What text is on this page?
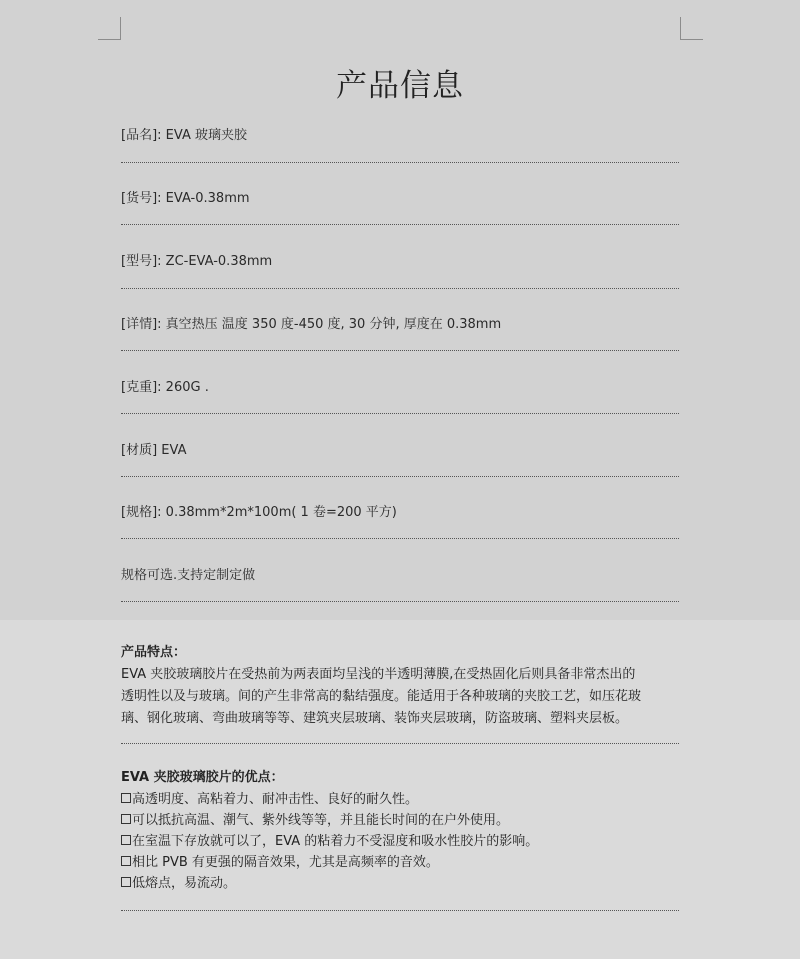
产品信息
[品名]: EVA 玻璃夹胶
[货号]: EVA-0.38mm
[型号]: ZC-EVA-0.38mm
[详情]: 真空热压 温度 350 度-450 度, 30 分钟, 厚度在 0.38mm
[克重]: 260G .
[材质] EVA
[规格]: 0.38mm*2m*100m( 1 卷=200 平方)
规格可选.支持定制定做
产品特点：
EVA 夹胶玻璃胶片在受热前为两表面均呈浅的半透明薄膜,在受热固化后则具备非常杰出的
透明性以及与玻璃。间的产生非常高的黏结强度。能适用于各种玻璃的夹胶工艺，如压花玻
璃、钢化玻璃、弯曲玻璃等等、建筑夹层玻璃、装饰夹层玻璃，防盗玻璃、塑料夹层板。
EVA 夹胶玻璃胶片的优点：
高透明度、高粘着力、耐冲击性、良好的耐久性。
可以抵抗高温、潮气、紫外线等等，并且能长时间的在户外使用。
在室温下存放就可以了，EVA 的粘着力不受湿度和吸水性胶片的影响。
相比 PVB 有更强的隔音效果，尤其是高频率的音效。
低熔点，易流动。
